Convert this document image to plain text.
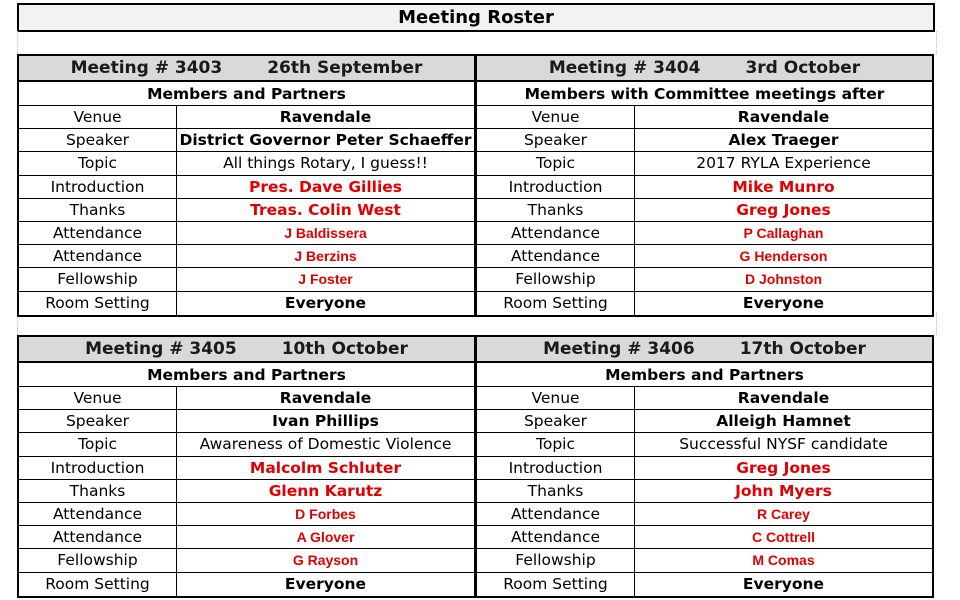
Meeting Roster
Meeting # 3403	26th September
Members and Partners
Venue	Ravendale
Speaker	District Governor Peter Schaeffer
Topic	All things Rotary, I guess!!
Introduction	Pres. Dave Gillies
Thanks	Treas. Colin West
Attendance	J Baldissera
Attendance	J Berzins
Fellowship	J Foster
Room Setting	Everyone
Meeting # 3404	3rd October
Members with Committee meetings after
Venue	Ravendale
Speaker	Alex Traeger
Topic	2017 RYLA Experience
Introduction	Mike Munro
Thanks	Greg Jones
Attendance	P Callaghan
Attendance	G Henderson
Fellowship	D Johnston
Room Setting	Everyone
Meeting # 3405	10th October
Members and Partners
Venue	Ravendale
Speaker	Ivan Phillips
Topic	Awareness of Domestic Violence
Introduction	Malcolm Schluter
Thanks	Glenn Karutz
Attendance	D Forbes
Attendance	A Glover
Fellowship	G Rayson
Room Setting	Everyone
Meeting # 3406	17th October
Members and Partners
Venue	Ravendale
Speaker	Alleigh Hamnet
Topic	Successful NYSF candidate
Introduction	Greg Jones
Thanks	John Myers
Attendance	R Carey
Attendance	C Cottrell
Fellowship	M Comas
Room Setting	Everyone
